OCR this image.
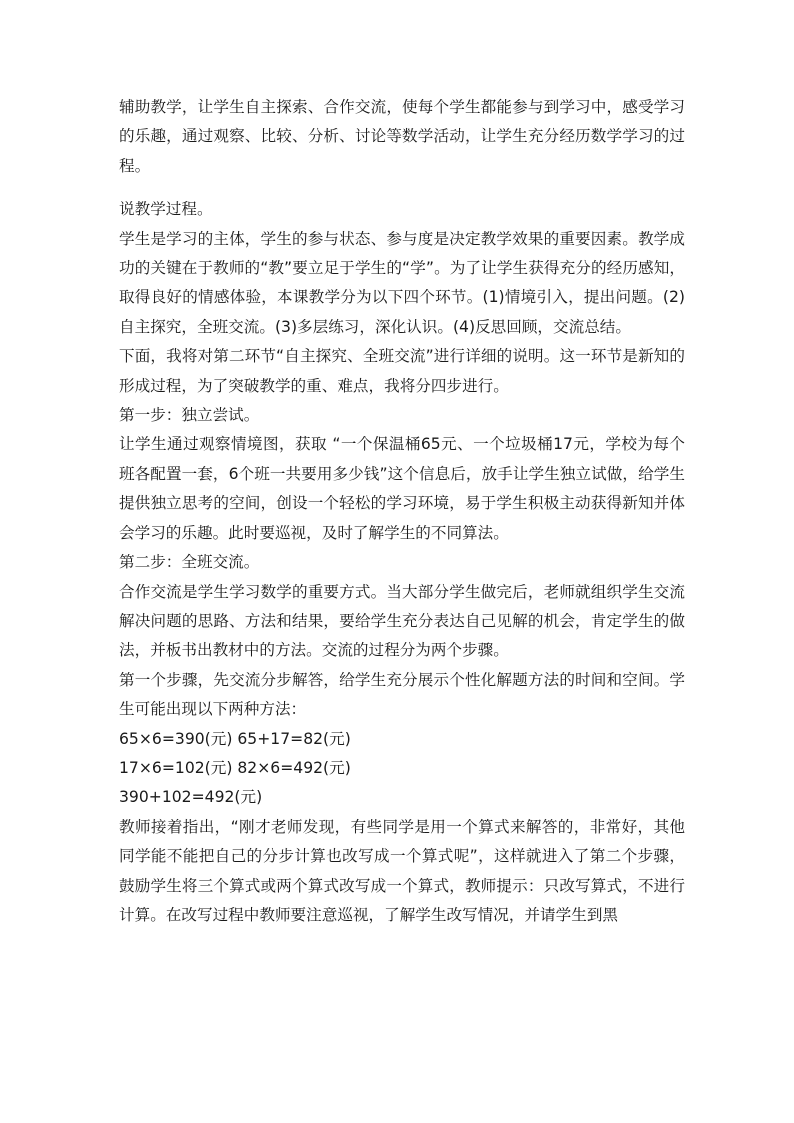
辅助教学，让学生自主探索、合作交流，使每个学生都能参与到学习中，感受学习的乐趣，通过观察、比较、分析、讨论等数学活动，让学生充分经历数学学习的过程。

说教学过程。

学生是学习的主体，学生的参与状态、参与度是决定教学效果的重要因素。教学成功的关键在于教师的“教”要立足于学生的“学”。为了让学生获得充分的经历感知，取得良好的情感体验，本课教学分为以下四个环节。(1)情境引入，提出问题。(2)自主探究，全班交流。(3)多层练习，深化认识。(4)反思回顾，交流总结。

下面，我将对第二环节“自主探究、全班交流”进行详细的说明。这一环节是新知的形成过程，为了突破教学的重、难点，我将分四步进行。

第一步：独立尝试。

让学生通过观察情境图，获取 “一个保温桶65元、一个垃圾桶17元，学校为每个班各配置一套，6个班一共要用多少钱”这个信息后，放手让学生独立试做，给学生提供独立思考的空间，创设一个轻松的学习环境，易于学生积极主动获得新知并体会学习的乐趣。此时要巡视，及时了解学生的不同算法。

第二步：全班交流。

合作交流是学生学习数学的重要方式。当大部分学生做完后，老师就组织学生交流解决问题的思路、方法和结果，要给学生充分表达自己见解的机会，肯定学生的做法，并板书出教材中的方法。交流的过程分为两个步骤。

第一个步骤，先交流分步解答，给学生充分展示个性化解题方法的时间和空间。学生可能出现以下两种方法：

65×6=390(元) 65+17=82(元)

17×6=102(元) 82×6=492(元)

390+102=492(元)

教师接着指出，“刚才老师发现，有些同学是用一个算式来解答的，非常好，其他同学能不能把自己的分步计算也改写成一个算式呢”，这样就进入了第二个步骤，鼓励学生将三个算式或两个算式改写成一个算式，教师提示：只改写算式，不进行计算。在改写过程中教师要注意巡视，了解学生改写情况，并请学生到黑
